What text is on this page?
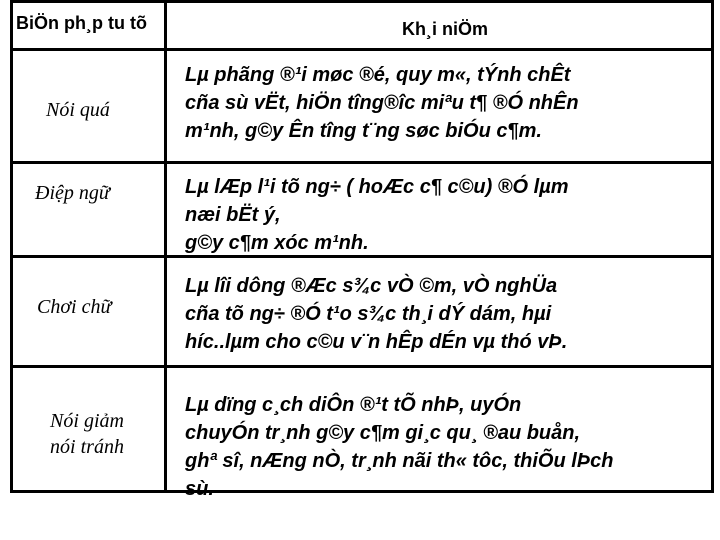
BiÖn ph¸p tu tõ	Kh¸i niÖm
Nói quá
Lµ phãng ®¹i møc ®é, quy m«, tÝnh chÊt
cña sù vËt, hiÖn tîng®îc miªu t¶ ®Ó nhÊn
m¹nh, g©y Ên tîng t¨ng søc biÓu c¶m.
Điệp ngữ	Lµ lÆp l¹i tõ ng÷ ( hoÆc c¶ c©u) ®Ó lµm
næi bËt ý,
g©y c¶m xóc m¹nh.
Chơi chữ
Lµ lîi dông ®Æc s¾c vÒ ©m, vÒ nghÜa
cña tõ ng÷ ®Ó t¹o s¾c th¸i dÝ dám, hµi
híc..lµm cho c©u v¨n hÊp dÉn vµ thó vÞ.
Nói giảm
nói tránh
Lµ dïng c¸ch diÔn ®¹t tÕ nhÞ, uyÓn
chuyÓn tr¸nh g©y c¶m gi¸c qu¸ ®au buån,
ghª sî, nÆng nÒ, tr¸nh nãi th« tôc, thiÕu lÞch
sù.
